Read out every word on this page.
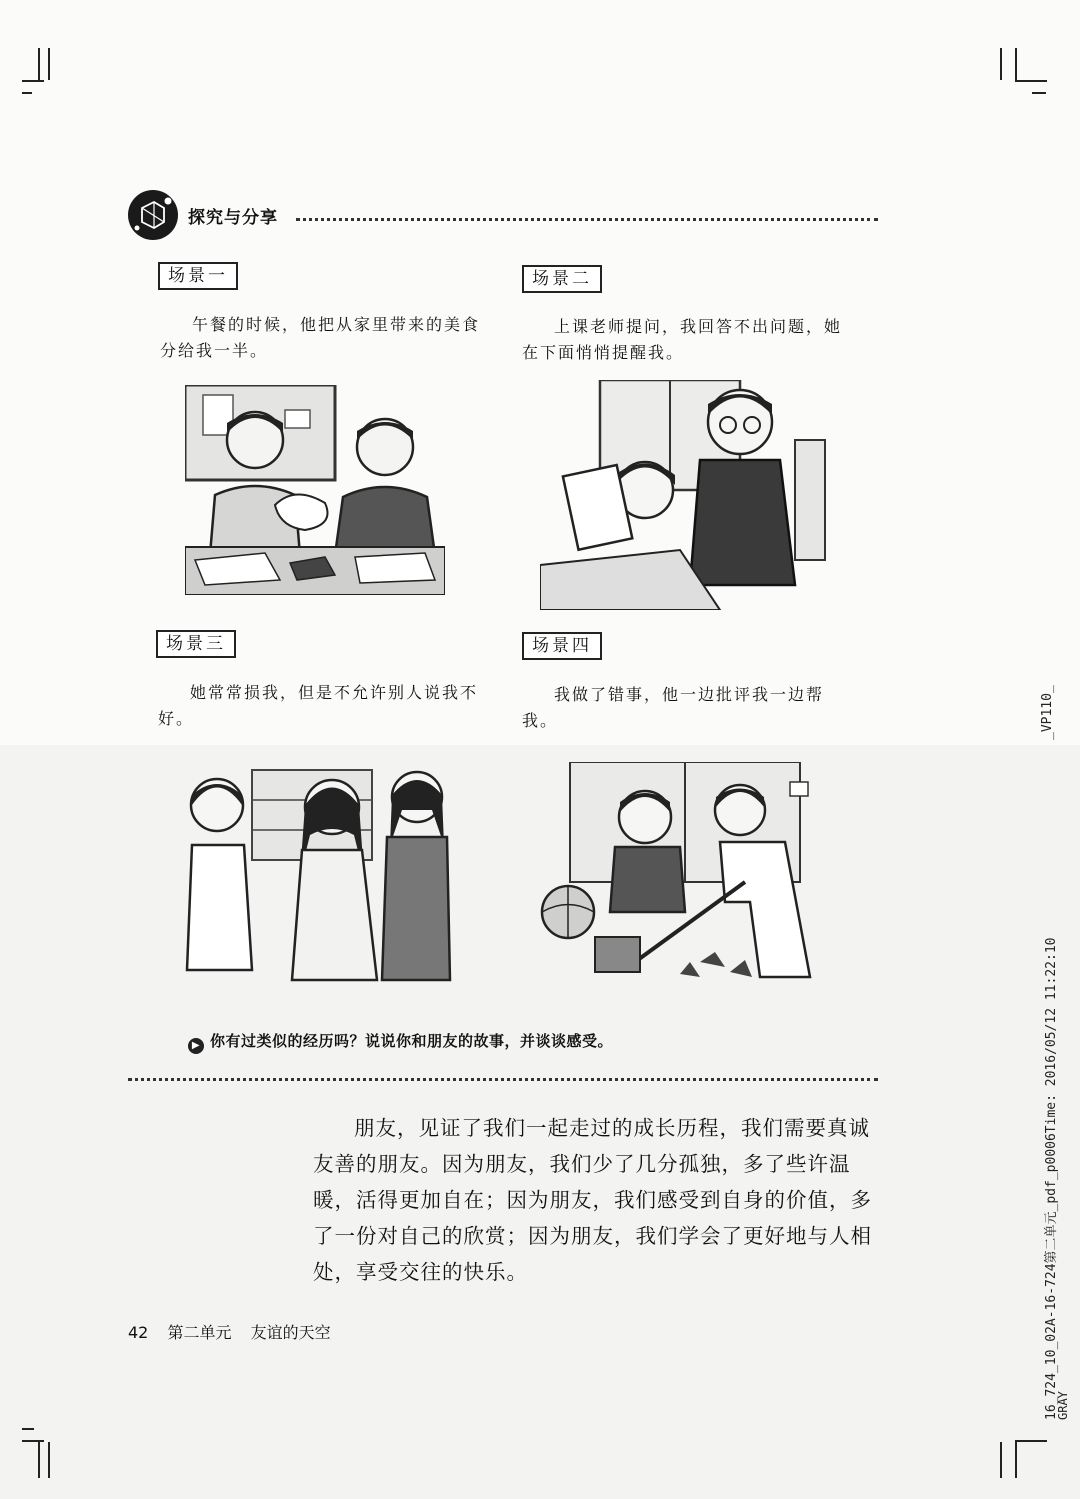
探究与分享
场景一	场景二
场景三	场景四
午餐的时候，他把从家里带来的美食分给我一半。
上课老师提问，我回答不出问题，她在下面悄悄提醒我。
她常常损我，但是不允许别人说我不好。
我做了错事，他一边批评我一边帮我。
▶ 你有过类似的经历吗？说说你和朋友的故事，并谈谈感受。
朋友，见证了我们一起走过的成长历程，我们需要真诚友善的朋友。因为朋友，我们少了几分孤独，多了些许温暖，活得更加自在；因为朋友，我们感受到自身的价值，多了一份对自己的欣赏；因为朋友，我们学会了更好地与人相处，享受交往的快乐。
42 第二单元 友谊的天空
_VP110_
16_724_10_02A-16-724第二单元_pdf_p0006Time: 2016/05/12 11:22:10
GRAY
